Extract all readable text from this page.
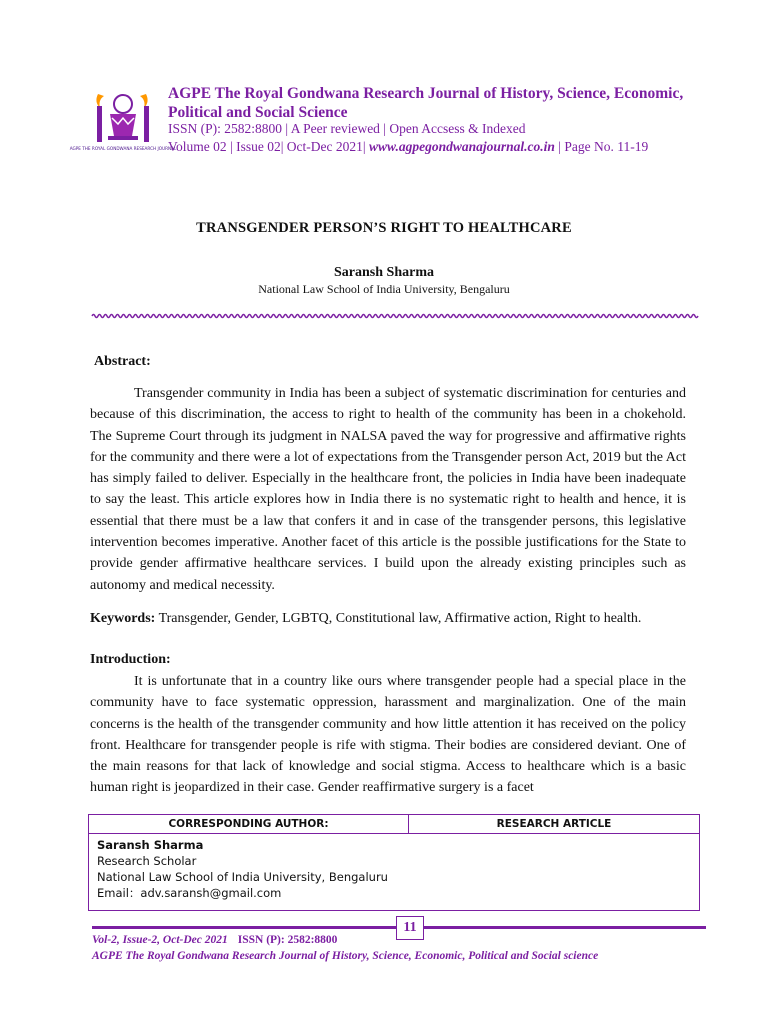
AGPE THE ROYAL GONDWANA RESEARCH JOURNAL
AGPE The Royal Gondwana Research Journal of History, Science, Economic, Political and Social Science
ISSN (P): 2582:8800 | A Peer reviewed | Open Accsess & Indexed
Volume 02 | Issue 02| Oct-Dec 2021| www.agpegondwanajournal.co.in | Page No. 11-19
TRANSGENDER PERSON’S RIGHT TO HEALTHCARE
Saransh Sharma
National Law School of India University, Bengaluru
Abstract:
Transgender community in India has been a subject of systematic discrimination for centuries and because of this discrimination, the access to right to health of the community has been in a chokehold. The Supreme Court through its judgment in NALSA paved the way for progressive and affirmative rights for the community and there were a lot of expectations from the Transgender person Act, 2019 but the Act has simply failed to deliver. Especially in the healthcare front, the policies in India have been inadequate to say the least. This article explores how in India there is no systematic right to health and hence, it is essential that there must be a law that confers it and in case of the transgender persons, this legislative intervention becomes imperative. Another facet of this article is the possible justifications for the State to provide gender affirmative healthcare services. I build upon the already existing principles such as autonomy and medical necessity.
Keywords: Transgender, Gender, LGBTQ, Constitutional law, Affirmative action, Right to health.
Introduction:
It is unfortunate that in a country like ours where transgender people had a special place in the community have to face systematic oppression, harassment and marginalization. One of the main concerns is the health of the transgender community and how little attention it has received on the policy front. Healthcare for transgender people is rife with stigma. Their bodies are considered deviant. One of the main reasons for that lack of knowledge and social stigma. Access to healthcare which is a basic human right is jeopardized in their case. Gender reaffirmative surgery is a facet
CORRESPONDING AUTHOR:	RESEARCH ARTICLE
Saransh Sharma
Research Scholar
National Law School of India University, Bengaluru
Email：adv.saransh@gmail.com
11
Vol-2, Issue-2, Oct-Dec 2021 ISSN (P): 2582:8800
AGPE The Royal Gondwana Research Journal of History, Science, Economic, Political and Social science
